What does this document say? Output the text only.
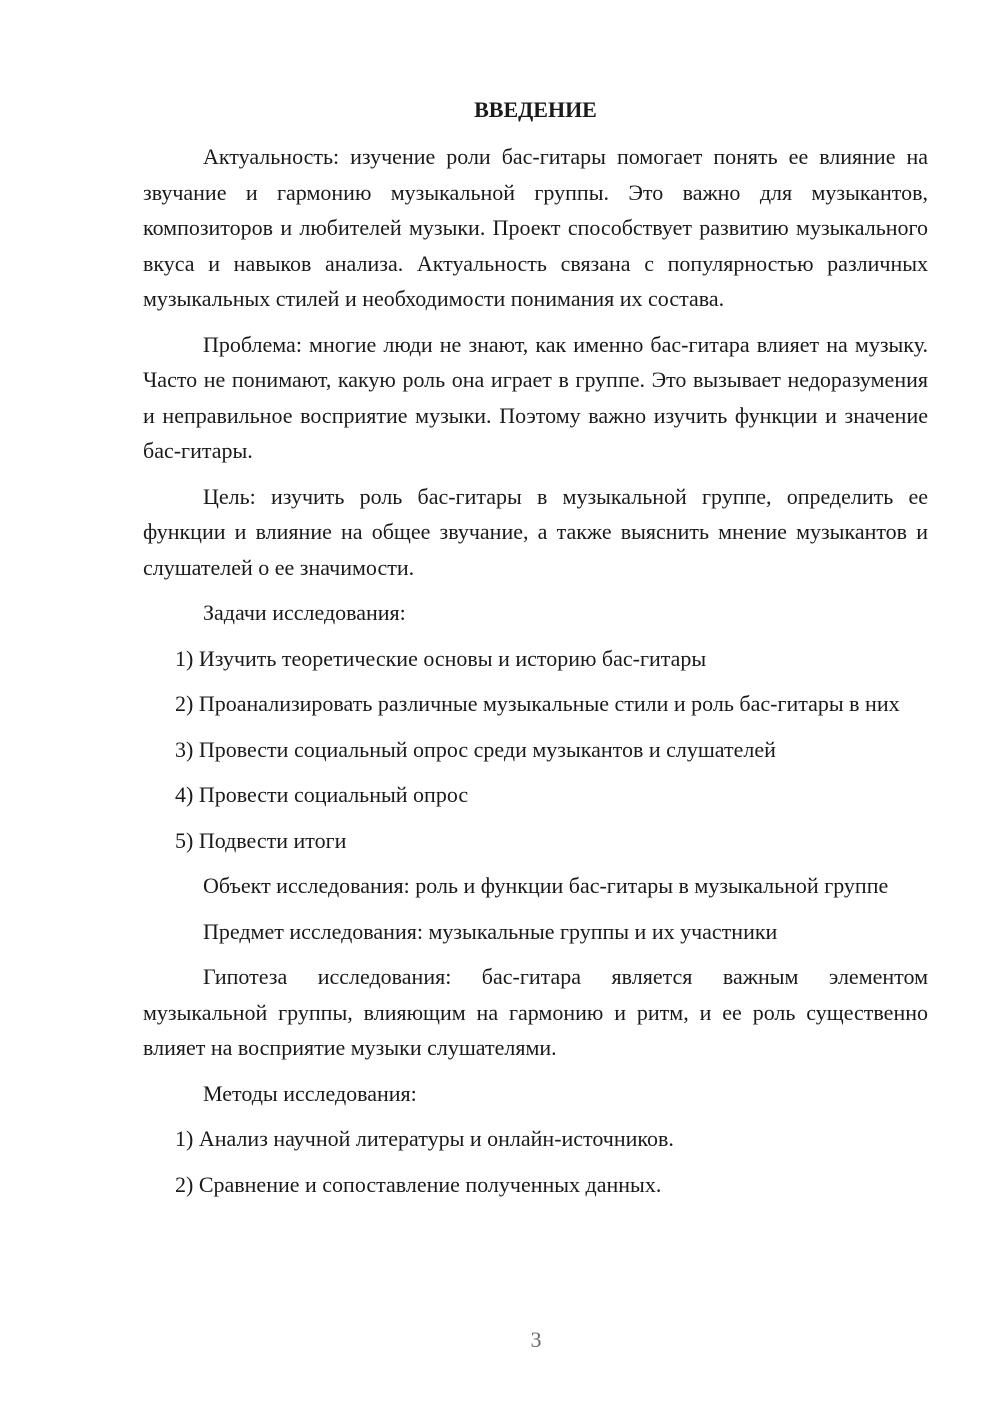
ВВЕДЕНИЕ

Актуальность: изучение роли бас-гитары помогает понять ее влияние на звучание и гармонию музыкальной группы. Это важно для музыкантов, композиторов и любителей музыки. Проект способствует развитию музыкального вкуса и навыков анализа. Актуальность связана с популярностью различных музыкальных стилей и необходимости понимания их состава.

Проблема: многие люди не знают, как именно бас-гитара влияет на музыку. Часто не понимают, какую роль она играет в группе. Это вызывает недоразумения и неправильное восприятие музыки. Поэтому важно изучить функции и значение бас-гитары.

Цель: изучить роль бас-гитары в музыкальной группе, определить ее функции и влияние на общее звучание, а также выяснить мнение музыкантов и слушателей о ее значимости.

Задачи исследования:

1) Изучить теоретические основы и историю бас-гитары

2) Проанализировать различные музыкальные стили и роль бас-гитары в них

3) Провести социальный опрос среди музыкантов и слушателей

4) Провести социальный опрос

5) Подвести итоги

Объект исследования: роль и функции бас-гитары в музыкальной группе

Предмет исследования: музыкальные группы и их участники

Гипотеза исследования: бас-гитара является важным элементом музыкальной группы, влияющим на гармонию и ритм, и ее роль существенно влияет на восприятие музыки слушателями.

Методы исследования:

1) Анализ научной литературы и онлайн-источников.

2) Сравнение и сопоставление полученных данных.

3
